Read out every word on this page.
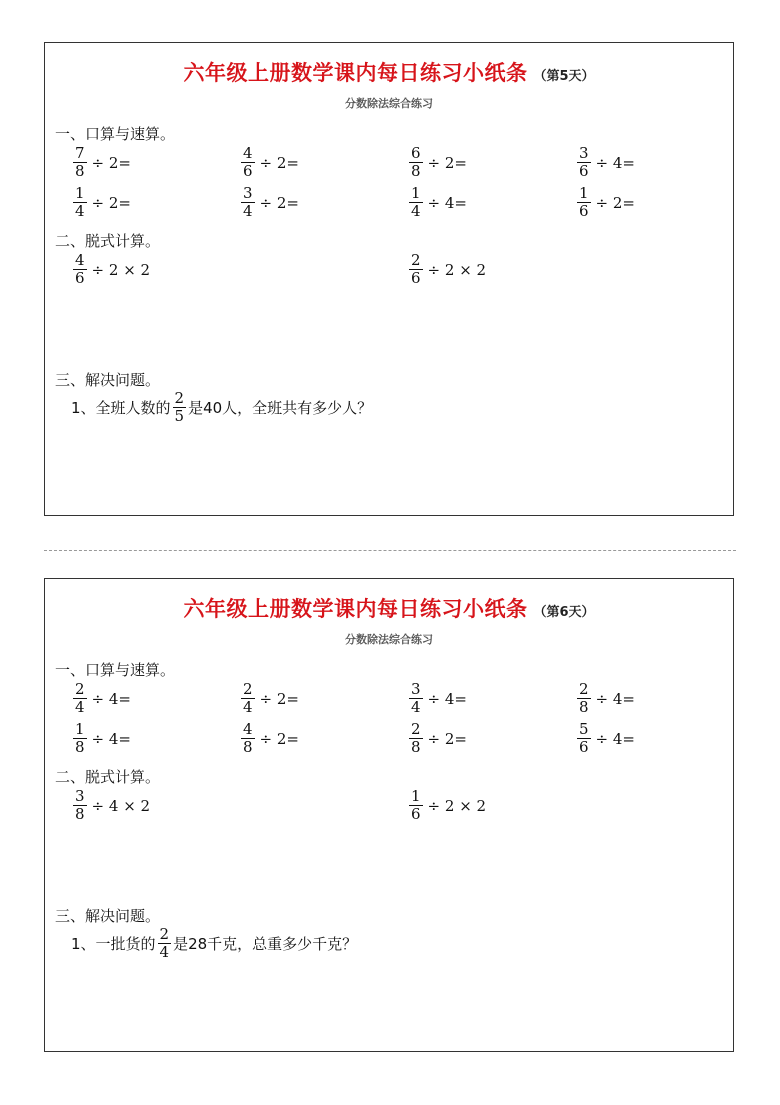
六年级上册数学课内每日练习小纸条 （第5天）
分数除法综合练习
一、口算与速算。
$\frac{7}{8} \div 2=$	$\frac{4}{6} \div 2=$	$\frac{6}{8} \div 2=$	$\frac{3}{6} \div 4=$
$\frac{1}{4} \div 2=$	$\frac{3}{4} \div 2=$	$\frac{1}{4} \div 4=$	$\frac{1}{6} \div 2=$
二、脱式计算。
$\frac{4}{6} \div 2 \times 2$	$\frac{2}{6} \div 2 \times 2$
三、解决问题。
1、全班人数的 $\frac{2}{5}$ 是40人，全班共有多少人？
六年级上册数学课内每日练习小纸条 （第6天）
分数除法综合练习
一、口算与速算。
$\frac{2}{4} \div 4=$	$\frac{2}{4} \div 2=$	$\frac{3}{4} \div 4=$	$\frac{2}{8} \div 4=$
$\frac{1}{8} \div 4=$	$\frac{4}{8} \div 2=$	$\frac{2}{8} \div 2=$	$\frac{5}{6} \div 4=$
二、脱式计算。
$\frac{3}{8} \div 4 \times 2$	$\frac{1}{6} \div 2 \times 2$
三、解决问题。
1、一批货的 $\frac{2}{4}$ 是28千克，总重多少千克？
